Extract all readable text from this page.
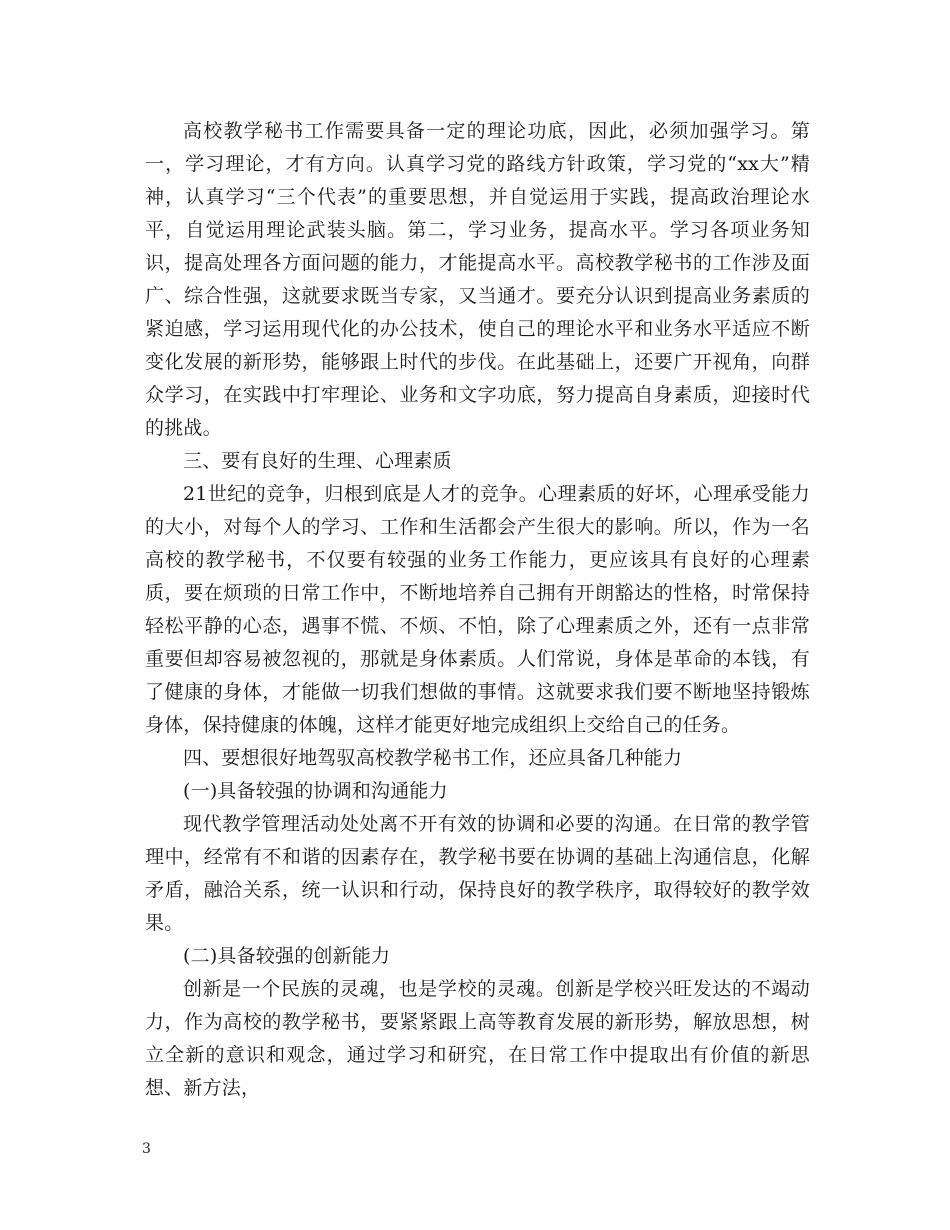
高校教学秘书工作需要具备一定的理论功底，因此，必须加强学习。第一，学习理论，才有方向。认真学习党的路线方针政策，学习党的“xx大”精神，认真学习“三个代表”的重要思想，并自觉运用于实践，提高政治理论水平，自觉运用理论武装头脑。第二，学习业务，提高水平。学习各项业务知识，提高处理各方面问题的能力，才能提高水平。高校教学秘书的工作涉及面广、综合性强，这就要求既当专家，又当通才。要充分认识到提高业务素质的紧迫感，学习运用现代化的办公技术，使自己的理论水平和业务水平适应不断变化发展的新形势，能够跟上时代的步伐。在此基础上，还要广开视角，向群众学习，在实践中打牢理论、业务和文字功底，努力提高自身素质，迎接时代的挑战。

三、要有良好的生理、心理素质

21世纪的竞争，归根到底是人才的竞争。心理素质的好坏，心理承受能力的大小，对每个人的学习、工作和生活都会产生很大的影响。所以，作为一名高校的教学秘书，不仅要有较强的业务工作能力，更应该具有良好的心理素质，要在烦琐的日常工作中，不断地培养自己拥有开朗豁达的性格，时常保持轻松平静的心态，遇事不慌、不烦、不怕，除了心理素质之外，还有一点非常重要但却容易被忽视的，那就是身体素质。人们常说，身体是革命的本钱，有了健康的身体，才能做一切我们想做的事情。这就要求我们要不断地坚持锻炼身体，保持健康的体魄，这样才能更好地完成组织上交给自己的任务。

四、要想很好地驾驭高校教学秘书工作，还应具备几种能力

(一)具备较强的协调和沟通能力

现代教学管理活动处处离不开有效的协调和必要的沟通。在日常的教学管理中，经常有不和谐的因素存在，教学秘书要在协调的基础上沟通信息，化解矛盾，融洽关系，统一认识和行动，保持良好的教学秩序，取得较好的教学效果。

(二)具备较强的创新能力

创新是一个民族的灵魂，也是学校的灵魂。创新是学校兴旺发达的不竭动力，作为高校的教学秘书，要紧紧跟上高等教育发展的新形势，解放思想，树立全新的意识和观念，通过学习和研究，在日常工作中提取出有价值的新思想、新方法，

3
